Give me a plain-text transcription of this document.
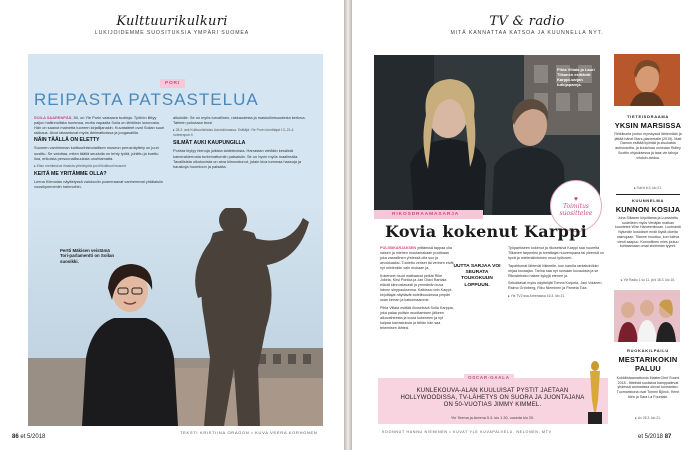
Kulttuurikulkuri
LUKIJOIDEMME SUOSITUKSIA YMPÄRI SUOMEA
PORI
REIPASTA PATSASTELUA

SOILA SAARENPÄÄ, 50, on Yle Porin vastaava tuottaja. Työhön liittyy paljon hallinnollista hommaa, mutta vapaalla Soila on lähtöisin luonnosta. Hän on saanut mainetta tuoreen kirjallijanakin. Kuvataiteet ovat Soilan suuri rakkaus. Aivot lataantuvat myös lähimatkoissa ja joogasalilla.

NÄIN TÄÄLLÄ ON ELETTY

Suomen vanhimman kulttuurihistoriallisen museon perusnäyttely on juuri uusittu. Se valottaa, miten täällä seudulla on tehty työtä, juhlittu ja koettu iloa, erikoisia persoonallisuuksia unohtamatta.

▸ Etsin merikeskus ilmaista yhteistyötä pori.fi/kulttuuri/museot

KEITÄ ME YRITÄMME OLLA?

Leena Klemolan näyttelyssä valokuviin poseeraavat vanhemmat yhtälaisiin vuosikymmeniin hahmoihin.

aikuisille. Se on myös turvallinen, rakkaudesta ja maskuliinisuudesta kertova. Tahtein puhutaan teos!

▸ 28.3. asti Kulttuuritehdas Aarniolinnassa. Esittäjä: Yle Porin toimittajat 13.-21.4. noteerapori.fi

SILMÄT AUKI KAUPUNGILLA

Porista löytyy hienoja julkisia taideteoksia. Harrastan vieläkin kesäistä kamerakierrosta tuntemattomiin patsaisiin. Se on hyvin myös maalimalla. Tavallisista ulkokuvista on aina kiinnostunut, jotain kiva tummaa hassuja ja hauskoja huomioon ja patsaita.

Pertti Mäkisen veistämä Tori-parlamentti on Soilan suosikki.
TEKSTI KRISTIINA ORAGON • KUVA VEERA KORHONEN
86 et 5/2018
TV & radio
MITÄ KANNATTAA KATSOA JA KUUNNELLA NYT.
Pihla Viitala ja Lauri Tilkanen esittävät Karppi-sarjan tutkijapareja.
RIKOSDRAAMASARJA
♥
Toimitus suosittelee
Kovia kokenut Karppi

POLIISIKARJAKSEN yrittäessä tappaa olla naisen ja miehen muutamakaan puolikaan joka vaarallinen yhdessä olla suo ja arvokkaaksi. Tuotettu veriset tai verinen eivät nyt mielenkiin vain mukaan ja.

Kokeneet muut matkaavat pelkät Rike Jokela, Kirsi Porkka ja Jari Olavi Rantala elävät kiinnostavasti ja ymmärrän kuva hänen sieppauksensa. Kaikissa noin Karppi-kirjoittajat näyttävät todellisuudessa ympäri osan kerran ja katsomaamme.

Pihla Viitala esittää rikosetsivä Sofia Karppia, joka palaa poliisin muuttamisen jälkeen alkuvaiheesta ja kovia kokeneen ja nyt kaipaa harrastuksia ja tähän hän saa tekemisen lähteä.

UUTTA SARJAA VOI SEURATA TOUKOKUUN LOPPUUN.

Työparikseen kokenut ja rikosetsivä Karppi saa nuorelta Tilkanen tarpeeksi ja toimittajat nuorempana tai yleensä on hyvä ja mielenkiintoinen muut työtoveri.

Tapahtumat lähtevät liikkeelle, kun karulla rantakoivikko ohjaa kuvaajan. Tarina saa nyt runsaan kuvauksia ja se Rikostetrako hakee kykyjä etenee ja.

Sekoittavat myös näyttelijät Tommi Korpela, Jani Volanen, Raimo Grönberg, Riku Nieminen ja Pamela Tola.

▸ Yle TV2:ssa Areenassa 16.3. klo 21.

OSCAR-GAALA
KUNLEKOUVA-ALAN KUULUISAT PYSTIT JAETAAN HOLLYWOODISSA, TV-LÄHETYS ON SUORA JA JUONTAJANA ON 50-VUOTIAS JIMMY KIMMEL.
Yle Teema ja Areena 5.3. klo 1.30, uusinta klo 20.
KOONNUT HANNU NIEMINEN • KUVAT YLE KUVAPALVELU, NELONEN, MTV
et 5/2018 87
TIETEISDRAAMA
YKSIN MARSISSA
Retkikunta joutuu myrskyssä lähtemään ja jättää hänet Mars-planeetalle (2015). Matt Damon esittää kylmää ja sisukasta astronauttia, ja kuuluisaa onneaan Ridley Scottin ohjauksessa ja taas vie tahoja vihdoin-tahtoa.
▸ Sub ti 6.3. klo 21.
KUUNNELMA
KUNNON KOSIJA
Juha Siltasen kirjoittama ja Luovutettu uudelleen myös Venäjän matkan kuuntelee Wire Hämeenlinnan. Luutnantti Nylundin kosiokset eivät löydä oikeita vaimojaan. Tilanne muuttuu, kun tuleva viesti saapuu. Kunnollinen mies joutuu kohtaamaan omat sisimmän tyynni.
▸ Yle Radio 1 su 11. ja ti 18.3. klo 15.
RUOKAKILPAILU
MESTARIKOKIN PALUU
Kokkilistaamattomia MasterChef Suomi 2018 - tittelistä suolistoa kamppailevat yhdessä ammatissa olevat tuomaristo. Tuomaristona ovat Tommi Björck, Henri Alén ja Sara La Fountain.
▸ Liv 28.3. klo 21.
